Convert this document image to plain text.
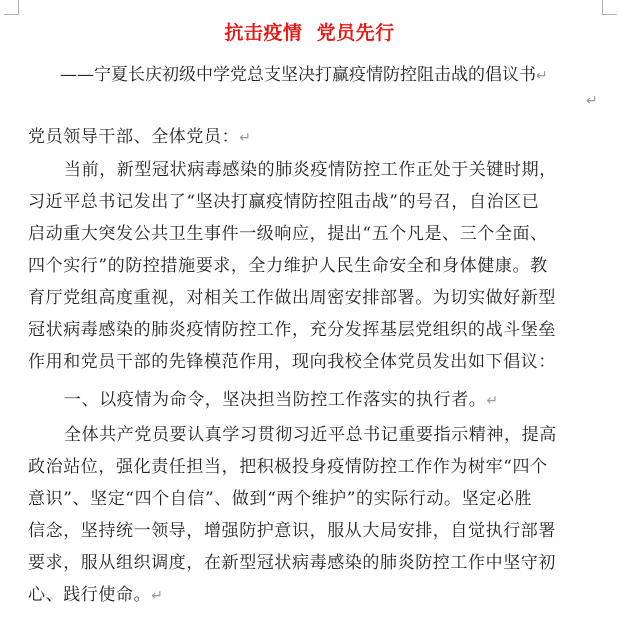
抗击疫情  党员先行
——宁夏长庆初级中学党总支坚决打赢疫情防控阻击战的倡议书↵
↵
党员领导干部、全体党员：↵
当前，新型冠状病毒感染的肺炎疫情防控工作正处于关键时期，
习近平总书记发出了“坚决打赢疫情防控阻击战”的号召，自治区已
启动重大突发公共卫生事件一级响应，提出“五个凡是、三个全面、
四个实行”的防控措施要求，全力维护人民生命安全和身体健康。教
育厅党组高度重视，对相关工作做出周密安排部署。为切实做好新型
冠状病毒感染的肺炎疫情防控工作，充分发挥基层党组织的战斗堡垒
作用和党员干部的先锋模范作用，现向我校全体党员发出如下倡议：
一、以疫情为命令，坚决担当防控工作落实的执行者。↵
全体共产党员要认真学习贯彻习近平总书记重要指示精神，提高
政治站位，强化责任担当，把积极投身疫情防控工作作为树牢“四个
意识”、坚定“四个自信”、做到“两个维护”的实际行动。坚定必胜
信念，坚持统一领导，增强防护意识，服从大局安排，自觉执行部署
要求，服从组织调度，在新型冠状病毒感染的肺炎防控工作中坚守初
心、践行使命。↵
